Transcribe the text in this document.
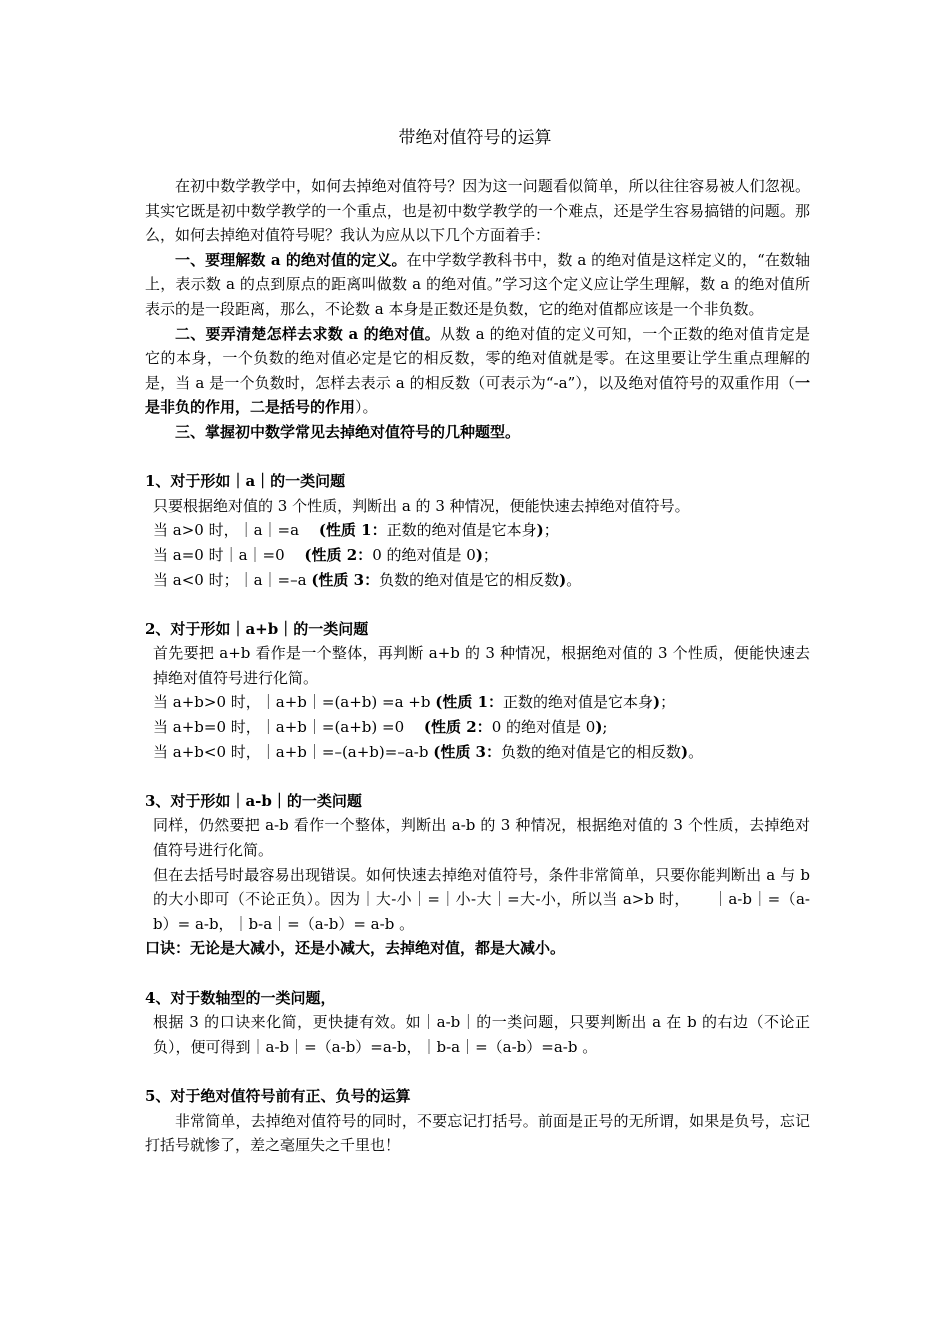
带绝对值符号的运算

在初中数学教学中，如何去掉绝对值符号？因为这一问题看似简单，所以往往容易被人们忽视。其实它既是初中数学教学的一个重点，也是初中数学教学的一个难点，还是学生容易搞错的问题。那么，如何去掉绝对值符号呢？我认为应从以下几个方面着手：

一、要理解数 a 的绝对值的定义。在中学数学教科书中，数 a 的绝对值是这样定义的，“在数轴上，表示数 a 的点到原点的距离叫做数 a 的绝对值。”学习这个定义应让学生理解，数 a 的绝对值所表示的是一段距离，那么，不论数 a 本身是正数还是负数，它的绝对值都应该是一个非负数。

二、要弄清楚怎样去求数 a 的绝对值。从数 a 的绝对值的定义可知，一个正数的绝对值肯定是它的本身，一个负数的绝对值必定是它的相反数，零的绝对值就是零。在这里要让学生重点理解的是，当 a 是一个负数时，怎样去表示 a 的相反数（可表示为“-a”），以及绝对值符号的双重作用（一是非负的作用，二是括号的作用）。

三、掌握初中数学常见去掉绝对值符号的几种题型。

1、对于形如｜a｜的一类问题

只要根据绝对值的 3 个性质，判断出 a 的 3 种情况，便能快速去掉绝对值符号。

当 a>0 时，｜a｜=a　 (性质 1：正数的绝对值是它本身)；

当 a=0 时｜a｜=0　 (性质 2：0 的绝对值是 0)；

当 a<0 时；｜a｜=–a (性质 3：负数的绝对值是它的相反数)。

2、对于形如｜a+b｜的一类问题

首先要把 a+b 看作是一个整体，再判断 a+b 的 3 种情况，根据绝对值的 3 个性质，便能快速去掉绝对值符号进行化简。

当 a+b>0 时，｜a+b｜=(a+b) =a +b (性质 1：正数的绝对值是它本身)；

当 a+b=0 时，｜a+b｜=(a+b) =0　 (性质 2：0 的绝对值是 0);

当 a+b<0 时，｜a+b｜=–(a+b)=–a-b (性质 3：负数的绝对值是它的相反数)。

3、对于形如｜a-b｜的一类问题

同样，仍然要把 a-b 看作一个整体，判断出 a-b 的 3 种情况，根据绝对值的 3 个性质，去掉绝对值符号进行化简。

但在去括号时最容易出现错误。如何快速去掉绝对值符号，条件非常简单，只要你能判断出 a 与 b 的大小即可（不论正负）。因为｜大-小｜=｜小-大｜=大-小，所以当 a>b 时，　　｜a-b｜=（a-b）= a-b，｜b-a｜=（a-b）= a-b 。

口诀：无论是大减小，还是小减大，去掉绝对值，都是大减小。

4、对于数轴型的一类问题，

根据 3 的口诀来化简，更快捷有效。如｜a-b｜的一类问题，只要判断出 a 在 b 的右边（不论正负），便可得到｜a-b｜=（a-b）=a-b，｜b-a｜=（a-b）=a-b 。

5、对于绝对值符号前有正、负号的运算

非常简单，去掉绝对值符号的同时，不要忘记打括号。前面是正号的无所谓，如果是负号，忘记打括号就惨了，差之毫厘失之千里也！
